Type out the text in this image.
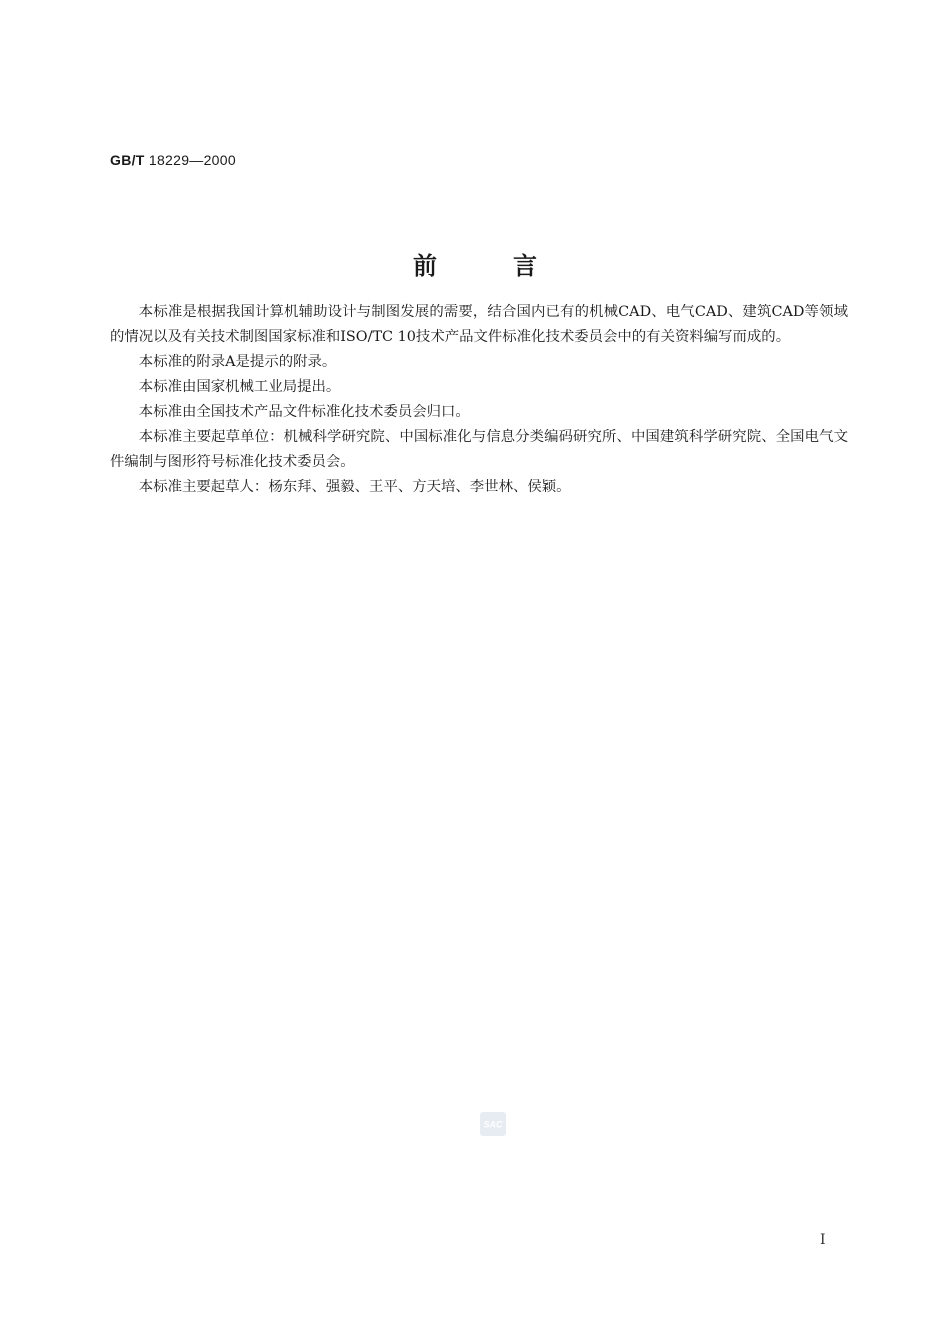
GB/T 18229—2000
前言

本标准是根据我国计算机辅助设计与制图发展的需要，结合国内已有的机械CAD、电气CAD、建筑CAD等领域的情况以及有关技术制图国家标准和ISO/TC 10技术产品文件标准化技术委员会中的有关资料编写而成的。

本标准的附录A是提示的附录。

本标准由国家机械工业局提出。

本标准由全国技术产品文件标准化技术委员会归口。

本标准主要起草单位：机械科学研究院、中国标准化与信息分类编码研究所、中国建筑科学研究院、全国电气文件编制与图形符号标准化技术委员会。

本标准主要起草人：杨东拜、强毅、王平、方天培、李世林、侯颖。

SAC
I
